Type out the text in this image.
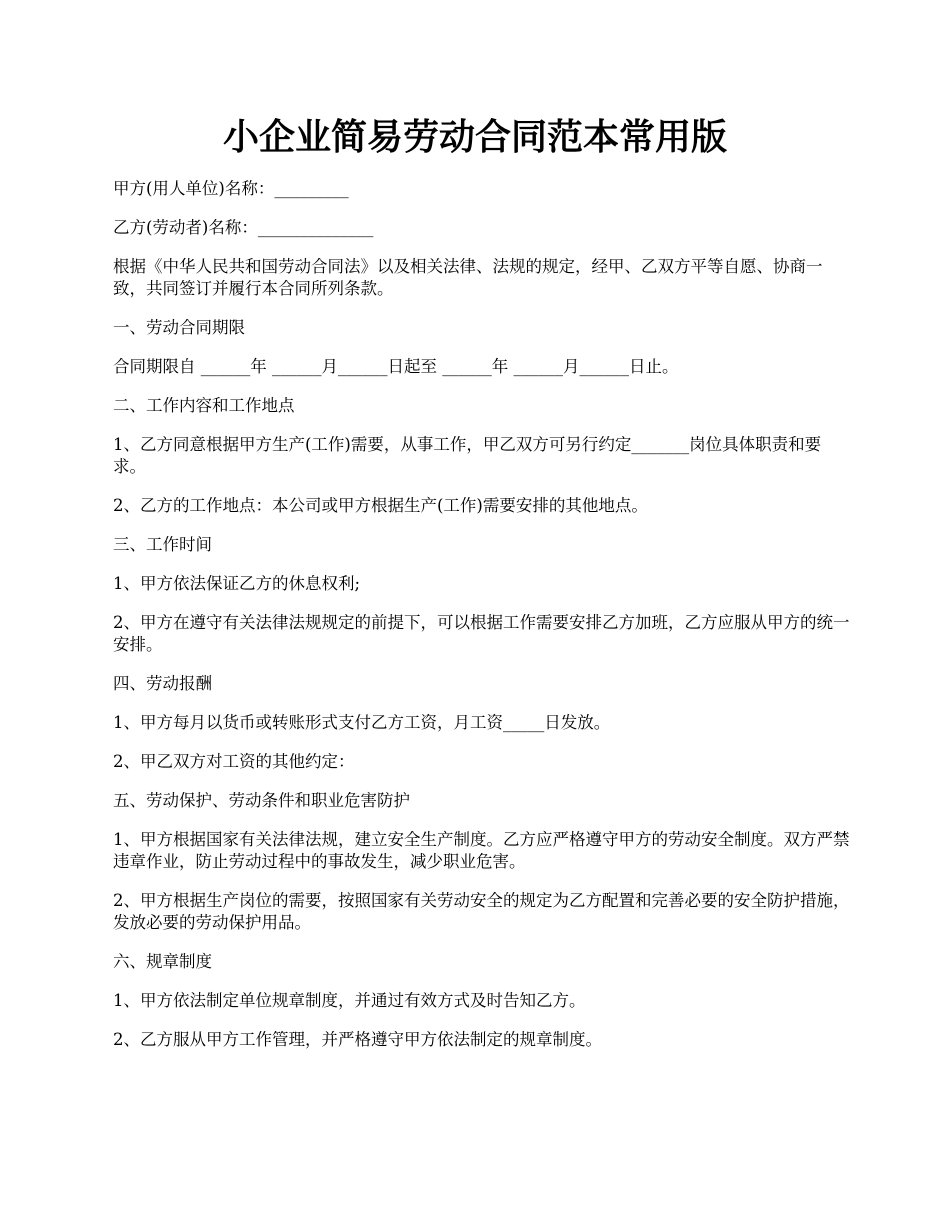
小企业简易劳动合同范本常用版

甲方(用人单位)名称：_________

乙方(劳动者)名称：______________

根据《中华人民共和国劳动合同法》以及相关法律、法规的规定，经甲、乙双方平等自愿、协商一致，共同签订并履行本合同所列条款。

一、劳动合同期限

合同期限自 ______年 ______月______日起至 ______年 ______月______日止。

二、工作内容和工作地点

1、乙方同意根据甲方生产(工作)需要，从事工作，甲乙双方可另行约定_______岗位具体职责和要求。

2、乙方的工作地点：本公司或甲方根据生产(工作)需要安排的其他地点。

三、工作时间

1、甲方依法保证乙方的休息权利;

2、甲方在遵守有关法律法规规定的前提下，可以根据工作需要安排乙方加班，乙方应服从甲方的统一安排。

四、劳动报酬

1、甲方每月以货币或转账形式支付乙方工资，月工资_____日发放。

2、甲乙双方对工资的其他约定：

五、劳动保护、劳动条件和职业危害防护

1、甲方根据国家有关法律法规，建立安全生产制度。乙方应严格遵守甲方的劳动安全制度。双方严禁违章作业，防止劳动过程中的事故发生，减少职业危害。

2、甲方根据生产岗位的需要，按照国家有关劳动安全的规定为乙方配置和完善必要的安全防护措施，发放必要的劳动保护用品。

六、规章制度

1、甲方依法制定单位规章制度，并通过有效方式及时告知乙方。

2、乙方服从甲方工作管理，并严格遵守甲方依法制定的规章制度。
